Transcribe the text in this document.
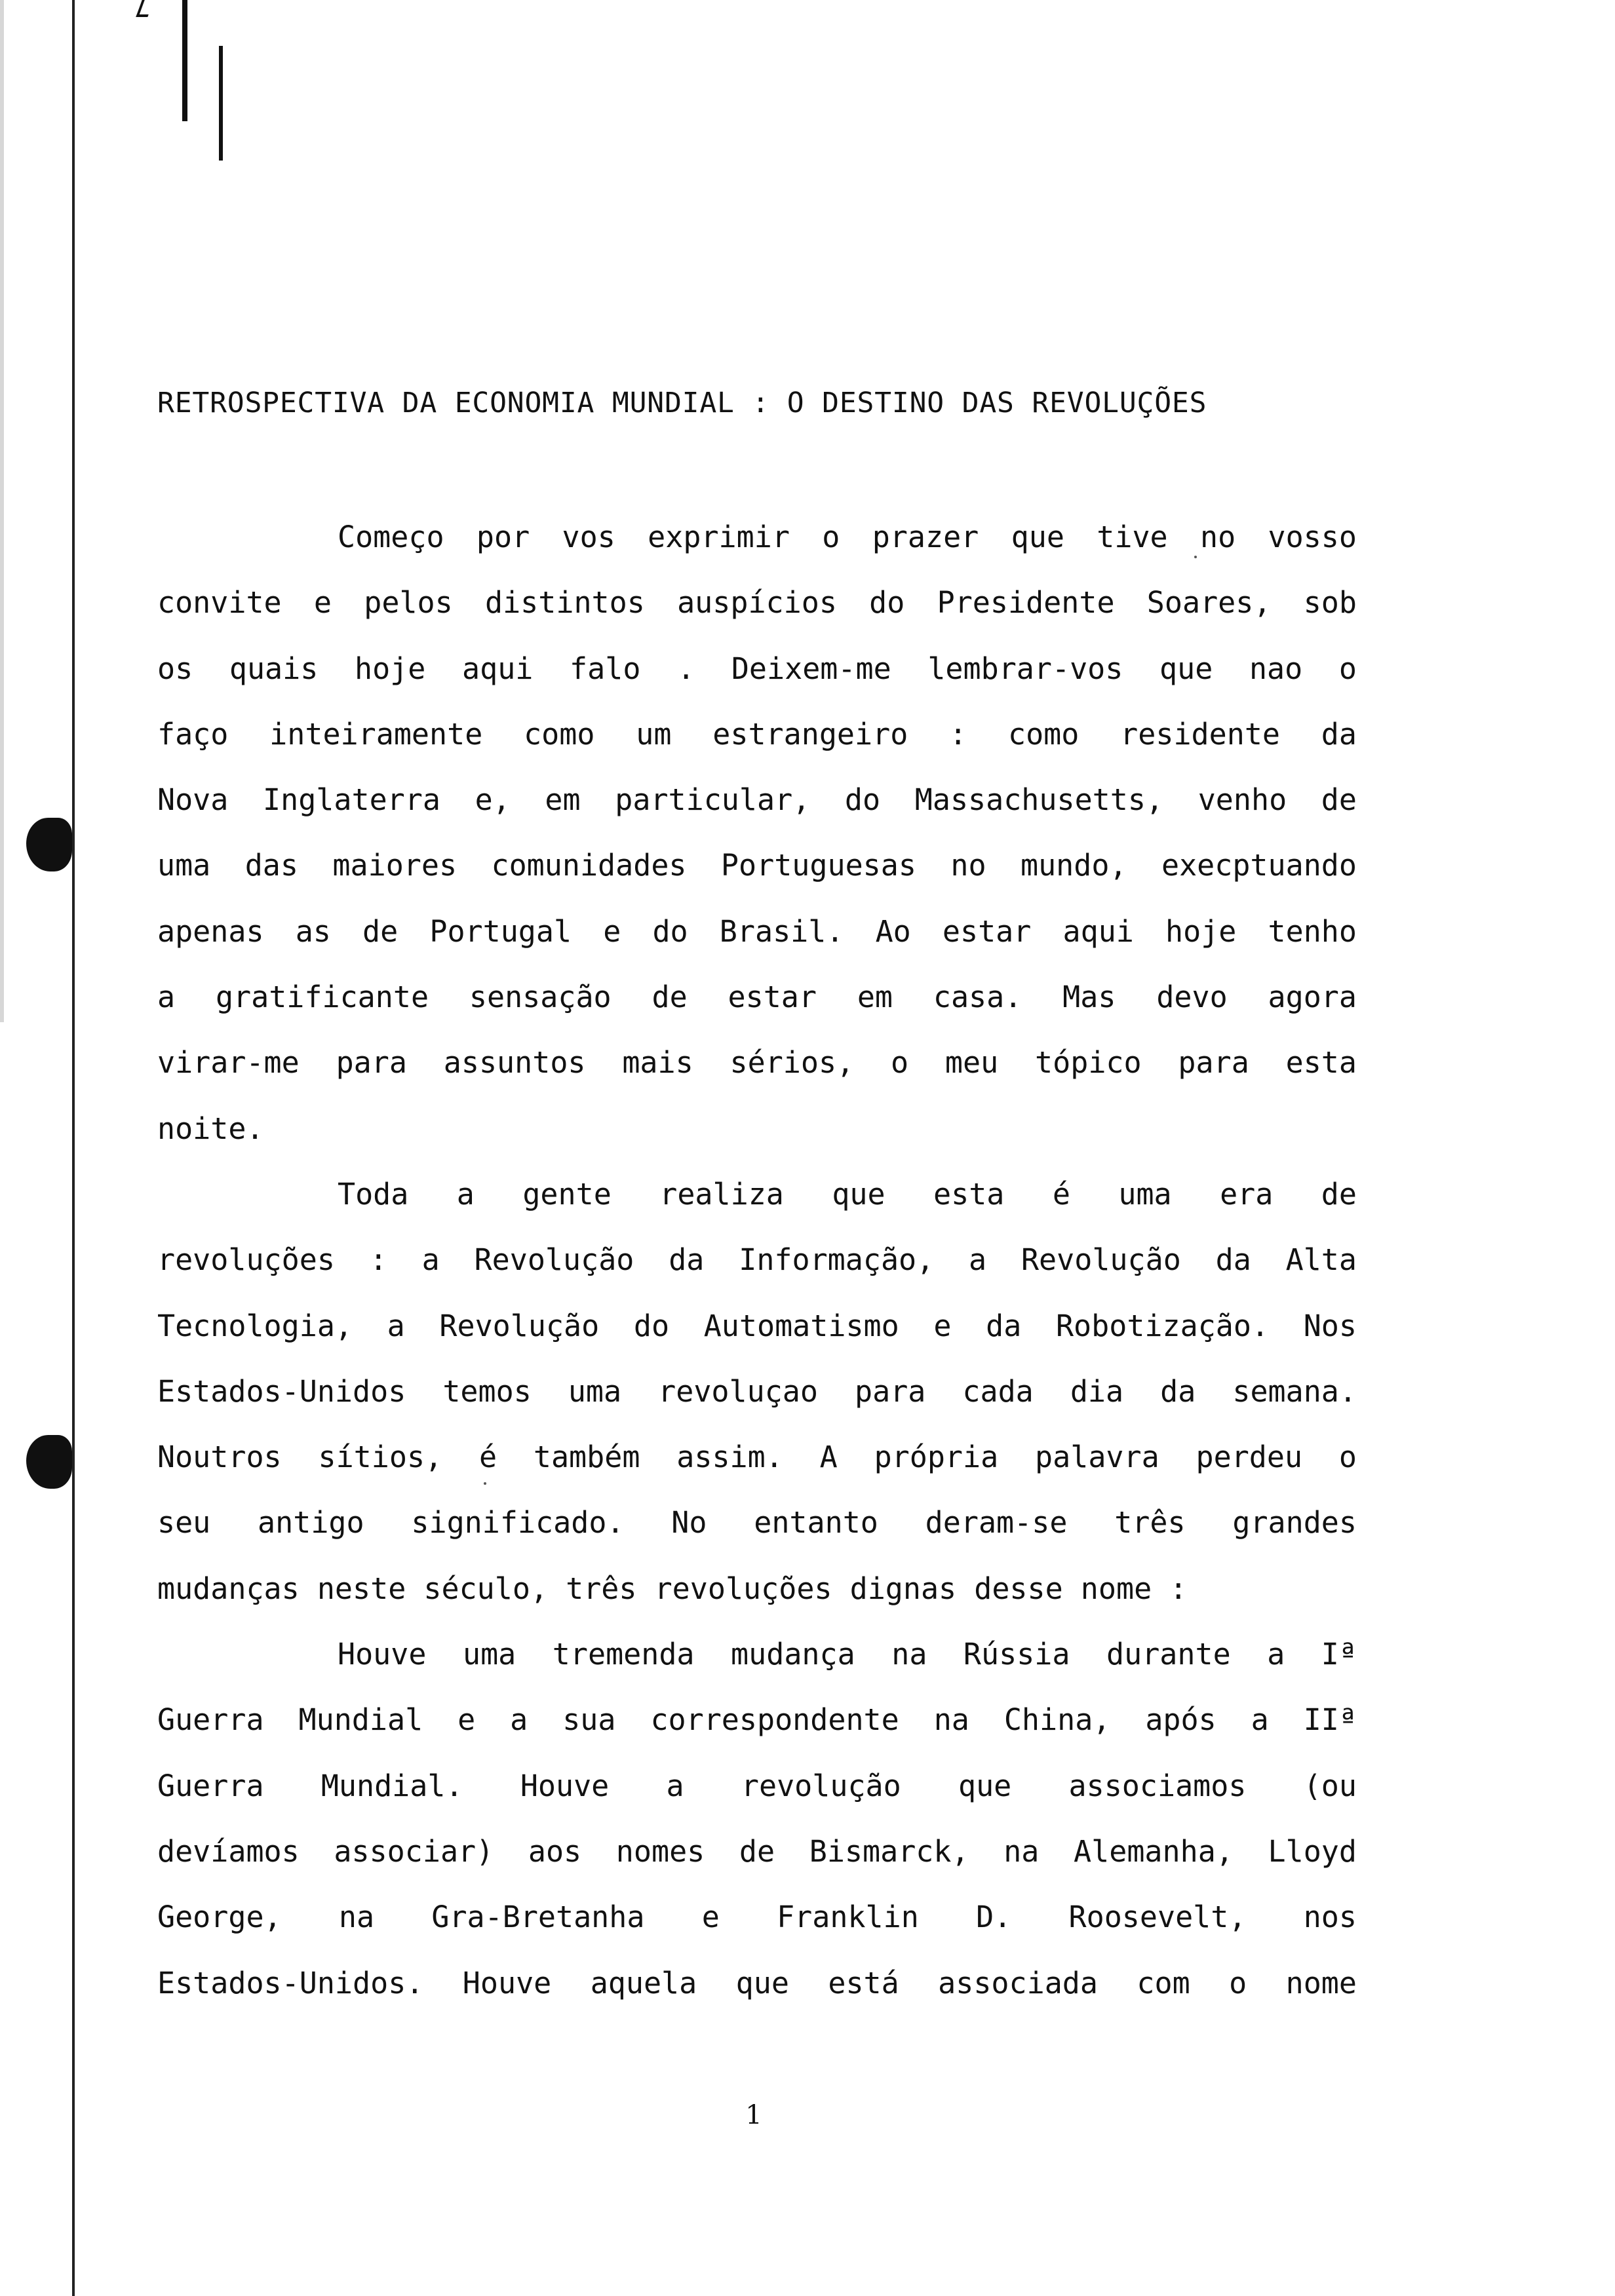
RETROSPECTIVA DA ECONOMIA MUNDIAL : O DESTINO DAS REVOLUÇÕES
Começo por vos exprimir o prazer que tive no vosso
convite e pelos distintos auspícios do Presidente Soares, sob
os quais hoje aqui falo . Deixem-me lembrar-vos que nao o
faço inteiramente como um estrangeiro : como residente da
Nova Inglaterra e, em particular, do Massachusetts, venho de
uma das maiores comunidades Portuguesas no mundo, execptuando
apenas as de Portugal e do Brasil. Ao estar aqui hoje tenho
a gratificante sensação de estar em casa. Mas devo agora
virar-me para assuntos mais sérios, o meu tópico para esta
noite.
Toda a gente realiza que esta é uma era de
revoluções : a Revolução da Informação, a Revolução da Alta
Tecnologia, a Revolução do Automatismo e da Robotização. Nos
Estados-Unidos temos uma revoluçao para cada dia da semana.
Noutros sítios, é também assim. A própria palavra perdeu o
seu antigo significado. No entanto deram-se três grandes
mudanças neste século, três revoluções dignas desse nome :
Houve uma tremenda mudança na Rússia durante a Iª
Guerra Mundial e a sua correspondente na China, após a IIª
Guerra Mundial. Houve a revolução que associamos (ou
devíamos associar) aos nomes de Bismarck, na Alemanha, Lloyd
George, na Gra-Bretanha e Franklin D. Roosevelt, nos
Estados-Unidos. Houve aquela que está associada com o nome
1
